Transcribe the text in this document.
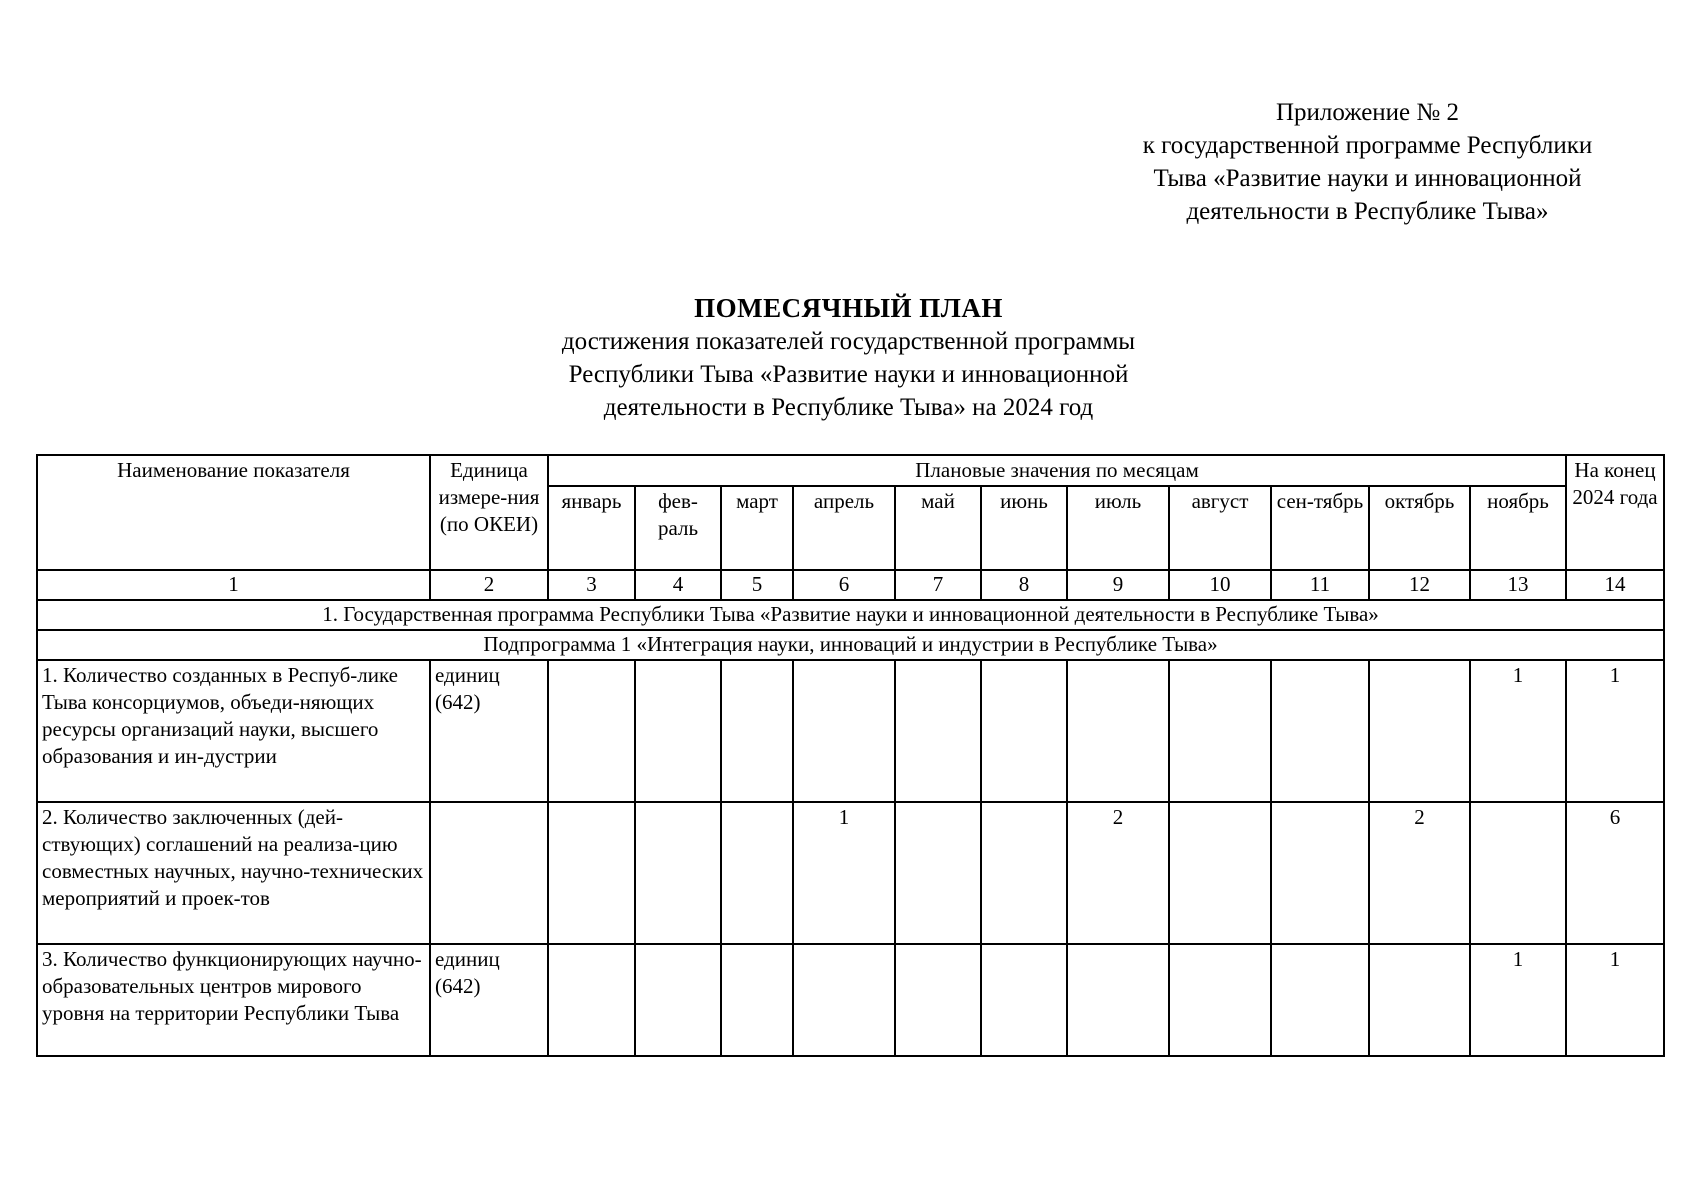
Приложение № 2
к государственной программе Республики
Тыва «Развитие науки и инновационной
деятельности в Республике Тыва»
ПОМЕСЯЧНЫЙ ПЛАН
достижения показателей государственной программы
Республики Тыва «Развитие науки и инновационной
деятельности в Республике Тыва» на 2024 год
Наименование показателя	Единица измере-ния (по ОКЕИ)	Плановые значения по месяцам											На конец 2024 года
		январь	фев-раль	март	апрель	май	июнь	июль	август	сен-тябрь	октябрь	ноябрь	
1	2	3	4	5	6	7	8	9	10	11	12	13	14
1. Государственная программа Республики Тыва «Развитие науки и инновационной деятельности в Республике Тыва»													
Подпрограмма 1 «Интеграция науки, инноваций и индустрии в Республике Тыва»													
1. Количество созданных в Респуб-лике Тыва консорциумов, объеди-няющих ресурсы организаций науки, высшего образования и ин-дустрии	единиц (642)											1	1
2. Количество заключенных (дей-ствующих) соглашений на реализа-цию совместных научных, научно-технических мероприятий и проек-тов					1			2			2		6
3. Количество функционирующих научно-образовательных центров мирового уровня на территории Республики Тыва	единиц (642)											1	1
